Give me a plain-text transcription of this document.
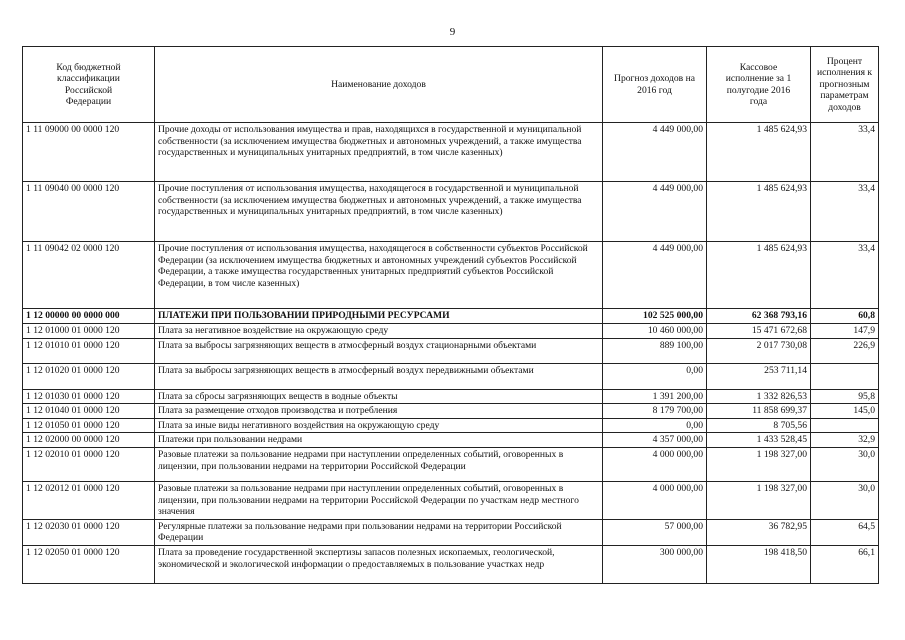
9
Код бюджетной классификации Российской Федерации	Наименование доходов	Прогноз доходов на 2016 год	Кассовое исполнение за 1 полугодие 2016 года	Процент исполнения к прогнозным параметрам доходов
1 11 09000 00 0000 120	Прочие доходы от использования имущества и прав, находящихся в государственной и муниципальной собственности (за исключением имущества бюджетных и автономных учреждений, а также имущества государственных и муниципальных унитарных предприятий, в том числе казенных)	4 449 000,00	1 485 624,93	33,4
1 11 09040 00 0000 120	Прочие поступления от использования имущества, находящегося в государственной и муниципальной собственности (за исключением имущества бюджетных и автономных учреждений, а также имущества государственных и муниципальных унитарных предприятий, в том числе казенных)	4 449 000,00	1 485 624,93	33,4
1 11 09042 02 0000 120	Прочие поступления от использования имущества, находящегося в собственности субъектов Российской Федерации (за исключением имущества бюджетных и автономных учреждений субъектов Российской Федерации, а также имущества государственных унитарных предприятий субъектов Российской Федерации, в том числе казенных)	4 449 000,00	1 485 624,93	33,4
1 12 00000 00 0000 000	ПЛАТЕЖИ ПРИ ПОЛЬЗОВАНИИ ПРИРОДНЫМИ РЕСУРСАМИ	102 525 000,00	62 368 793,16	60,8
1 12 01000 01 0000 120	Плата за негативное воздействие на окружающую среду	10 460 000,00	15 471 672,68	147,9
1 12 01010 01 0000 120	Плата за выбросы загрязняющих веществ в атмосферный воздух стационарными объектами	889 100,00	2 017 730,08	226,9
1 12 01020 01 0000 120	Плата за выбросы загрязняющих веществ в атмосферный воздух передвижными объектами	0,00	253 711,14	
1 12 01030 01 0000 120	Плата за сбросы загрязняющих веществ в водные объекты	1 391 200,00	1 332 826,53	95,8
1 12 01040 01 0000 120	Плата за размещение отходов производства и потребления	8 179 700,00	11 858 699,37	145,0
1 12 01050 01 0000 120	Плата за иные виды негативного воздействия на окружающую среду	0,00	8 705,56	
1 12 02000 00 0000 120	Платежи при пользовании недрами	4 357 000,00	1 433 528,45	32,9
1 12 02010 01 0000 120	Разовые платежи за пользование недрами при наступлении определенных событий, оговоренных в лицензии, при пользовании недрами на территории Российской Федерации	4 000 000,00	1 198 327,00	30,0
1 12 02012 01 0000 120	Разовые платежи за пользование недрами при наступлении определенных событий, оговоренных в лицензии, при пользовании недрами на территории Российской Федерации по участкам недр местного значения	4 000 000,00	1 198 327,00	30,0
1 12 02030 01 0000 120	Регулярные платежи за пользование недрами при пользовании недрами на территории Российской Федерации	57 000,00	36 782,95	64,5
1 12 02050 01 0000 120	Плата за проведение государственной экспертизы запасов полезных ископаемых, геологической, экономической и экологической информации о предоставляемых в пользование участках недр	300 000,00	198 418,50	66,1
